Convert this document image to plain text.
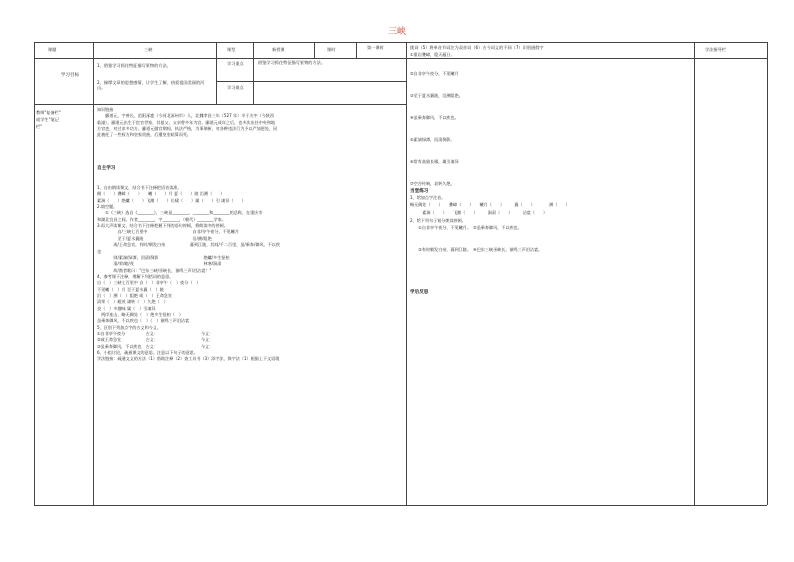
三峡
课题	三峡	课型	新授课	课时	第一课时	挑词（5）将单音节词注为双音词（6）古今词义的不同（7）识别通假字	学法指导栏
学习目标
1、借鉴学习抓住特征描写景物的方法。
2、揣摩文章的思想感情，让学生了解、热爱祖国美丽的河山。
学习重点	借鉴学习抓住特征描写景物的方法。
学习难点
教师"复备栏"
或学生"笔记
栏"
知识链接
　　郦道元，字善长，范阳涿鹿（今河北涿州市）人，北魏孝昌三年（527 年）卒于关中（今陕西
临潼）。郦道元出生于宦官世家，其祖父、父亲曾多年为官。郦道元成年之后，也多次出任中央和地
方官吏，对过求多功方。郦道元做官期间，执法严格，为事果断，对各种违法行为予以严加惩处，因
此被托了一些权方和皇家贵族，后遭皇室暗算而死。
自主学习
1、自由朗读课文，结合书下注释把语音读准。
阙（　　）叠嶂（　　）　　曦（　　）月 夏（　　）陵 沿溯（　　）
素湍（　　）绝巘（　　）飞漱（　　）长啸（　　）属（　　）引 凄异（　　）
2.填空题。
　　①《三峡》选自《________》，三峡是________、________和________的总称，在重庆市
和湖北宜昌之间。作者________，字________，（朝代）________学家。
3.再大声读课文，结合书下注释把握下列的语句停顿，将朗读中的停顿。
　　　　　自/三峡七百里中　　　　　　　　　　　自非/亭午夜分，不见曦月
　　　　　至于/夏水襄陵　　　　　　　　　　　　沿/溯/阻绝
　　　　或/王命急宣，有时/朝发白帝　　　　　　暮到江陵，其间/千二百里，虽/乘奔/御风，不以疾
也
　　　　则/素湍/绿潭，回清/倒影　　　　　　　　　　　绝巘/多生怪柏
　　　　清/荣/峻/茂　　　　　　　　　　　　　　　　　林寒/涧肃
　　　　故/渔者歌曰："巴东三峡/巫峡长，猿鸣三声/泪沾裳！"
4、参考课下注释，理解下列括词的意思。
自（　）三峡七百里中 自（　）非亭午（　）夜分（　）
不见曦（　）月 至于夏水襄（　）陵
沿（　）溯（　）阻绝 或（　）王命急宣
清荣（　）峻茂 凄转（　）久绝（　）
良（　）多趣味 属（　）引凄异
　两岸连山，略无阙处（　）绝多生怪柏（　）
虽乘奔御风，不以疾也（　）（　）猿鸣三声泪沾裳
5、区别下列加点字的古义和今义。
①自非亭午夜分　　　　　古义：　　　　　　　　　　　今义：
②或王命急宣　　　　　　古义：　　　　　　　　　　　今义：
③虽乘奔御风，不以疾也　古义：　　　　　　　　　　　今义：
6、小组讨论，疏通课文的意思。注意以下句子的意思。
学法链接：疏通文义的方法（1）借助注释（2）查工具书（3）添字法、换字法（1）根据上下文语境
①重岩叠嶂，隐天蔽日。
②自非亭午夜分，不见曦月
③至于夏水襄陵，沿溯阻绝。
④虽乘奔御风，不以疾也。
⑤素湍绿潭，回清倒影。
⑥常有高猿长啸，属引凄异
⑦空谷传响，哀转久绝。
当堂练习
1、给加点字注音。
略无阙处（　　）　　叠嶂（　　）　　曦月（　　）　　　襄（　　）　　　　溯（　　）
　　　素湍（　　）　　飞漱（　　）　　　涧肃（　　）　　　沾裳（　　）
2、给下列句子划分朗读停顿。
　　①自非亭午夜分，不见曦月。　②虽乘奔御风，不以疾也。
　　③有时朝发白帝，暮到江陵。　④巴东三峡巫峡长，猿鸣三声泪沾裳。
学后反思
